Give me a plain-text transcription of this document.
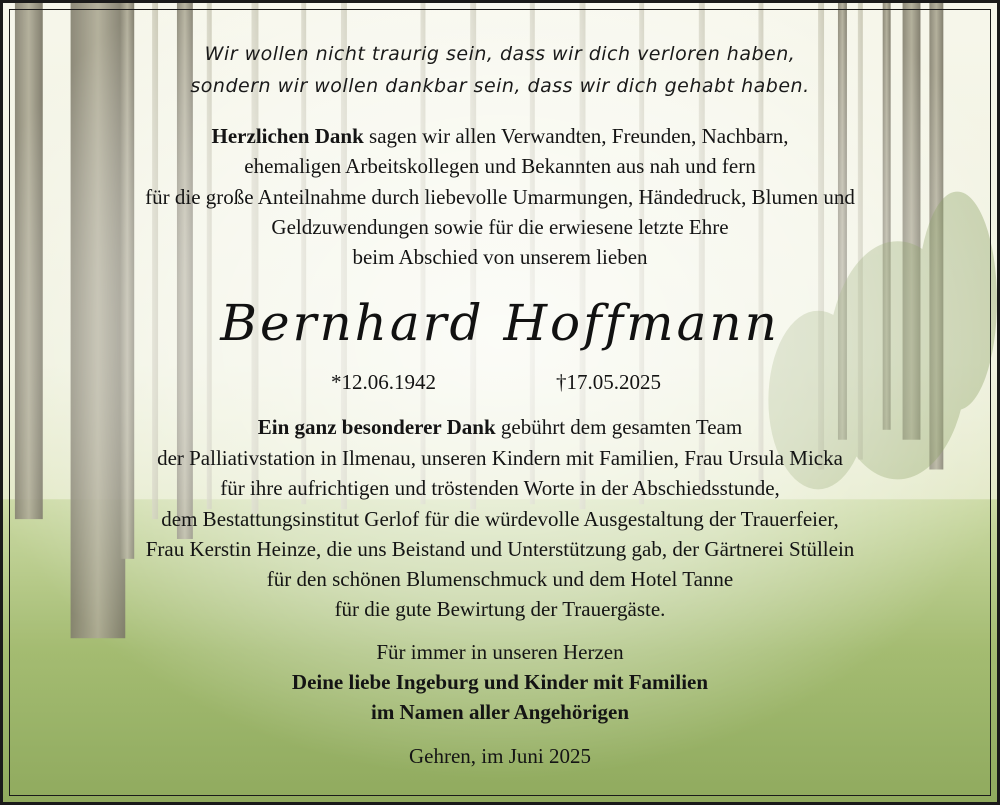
Wir wollen nicht traurig sein, dass wir dich verloren haben,
sondern wir wollen dankbar sein, dass wir dich gehabt haben.
Herzlichen Dank sagen wir allen Verwandten, Freunden, Nachbarn,
ehemaligen Arbeitskollegen und Bekannten aus nah und fern
für die große Anteilnahme durch liebevolle Umarmungen, Händedruck, Blumen und
Geldzuwendungen sowie für die erwiesene letzte Ehre
beim Abschied von unserem lieben
Bernhard Hoffmann
*12.06.1942	†17.05.2025
Ein ganz besonderer Dank gebührt dem gesamten Team
der Palliativstation in Ilmenau, unseren Kindern mit Familien, Frau Ursula Micka
für ihre aufrichtigen und tröstenden Worte in der Abschiedsstunde,
dem Bestattungsinstitut Gerlof für die würdevolle Ausgestaltung der Trauerfeier,
Frau Kerstin Heinze, die uns Beistand und Unterstützung gab, der Gärtnerei Stüllein
für den schönen Blumenschmuck und dem Hotel Tanne
für die gute Bewirtung der Trauergäste.
Für immer in unseren Herzen
Deine liebe Ingeburg und Kinder mit Familien
im Namen aller Angehörigen
Gehren, im Juni 2025
